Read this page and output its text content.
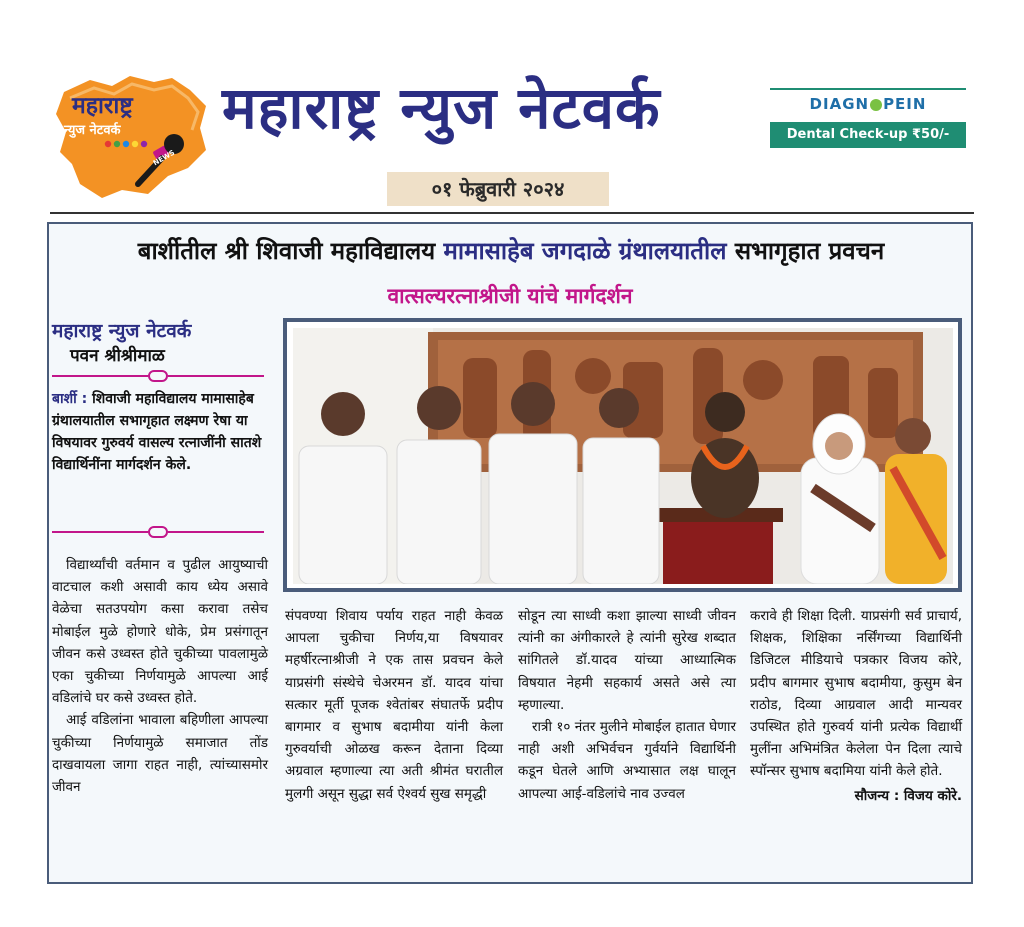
महाराष्ट्र
न्युज नेटवर्क
NEWS
महाराष्ट्र न्युज नेटवर्क	DIAGN PEIN
Dental Check-up ₹50/-
०१ फेब्रुवारी २०२४
बार्शीतील श्री शिवाजी महाविद्यालय मामासाहेब जगदाळे ग्रंथालयातील सभागृहात प्रवचन
वात्सल्यरत्नाश्रीजी यांचे मार्गदर्शन
महाराष्ट्र न्युज नेटवर्क
पवन श्रीश्रीमाळ
बार्शी : शिवाजी महाविद्यालय मामासाहेब ग्रंथालयातील सभागृहात लक्ष्मण रेषा या विषयावर गुरुवर्य वासल्य रत्नाजींनी सातशे विद्यार्थिनींना मार्गदर्शन केले.

विद्यार्थ्यांची वर्तमान व पुढील आयुष्याची वाटचाल कशी असावी काय ध्येय असावे वेळेचा सतउपयोग कसा करावा तसेच मोबाईल मुळे होणारे धोके, प्रेम प्रसंगातून जीवन कसे उध्वस्त होते चुकीच्या पावलामुळे एका चुकीच्या निर्णयामुळे आपल्या आई वडिलांचे घर कसे उध्वस्त होते.

आई वडिलांना भावाला बहिणीला आपल्या चुकीच्या निर्णयामुळे समाजात तोंड दाखवायला जागा राहत नाही, त्यांच्यासमोर जीवन

संपवण्या शिवाय पर्याय राहत नाही केवळ आपला चुकीचा निर्णय,या विषयावर महर्षीरत्नाश्रीजी ने एक तास प्रवचन केले याप्रसंगी संस्थेचे चेअरमन डॉ. यादव यांचा सत्कार मूर्ती पूजक श्वेतांबर संघातर्फे प्रदीप बागमार व सुभाष बदामीया यांनी केला गुरुवर्याची ओळख करून देताना दिव्या अग्रवाल म्हणाल्या त्या अती श्रीमंत घरातील मुलगी असून सुद्धा सर्व ऐश्वर्य सुख समृद्धी

सोडून त्या साध्वी कशा झाल्या साध्वी जीवन त्यांनी का अंगीकारले हे त्यांनी सुरेख शब्दात सांगितले डॉ.यादव यांच्या आध्यात्मिक विषयात नेहमी सहकार्य असते असे त्या म्हणाल्या.

रात्री १० नंतर मुलीने मोबाईल हातात घेणार नाही अशी अभिर्वचन गुर्वर्याने विद्यार्थिनी कडून घेतले आणि अभ्यासात लक्ष घालून आपल्या आई-वडिलांचे नाव उज्वल

करावे ही शिक्षा दिली. याप्रसंगी सर्व प्राचार्य, शिक्षक, शिक्षिका नर्सिंगच्या विद्यार्थिनी डिजिटल मीडियाचे पत्रकार विजय कोरे, प्रदीप बागमार सुभाष बदामीया, कुसुम बेन राठोड, दिव्या आग्रवाल आदी मान्यवर उपस्थित होते गुरुवर्य यांनी प्रत्येक विद्यार्थी मुलींना अभिमंत्रित केलेला पेन दिला त्याचे स्पॉन्सर सुभाष बदामिया यांनी केले होते.

सौजन्य : विजय कोरे.
